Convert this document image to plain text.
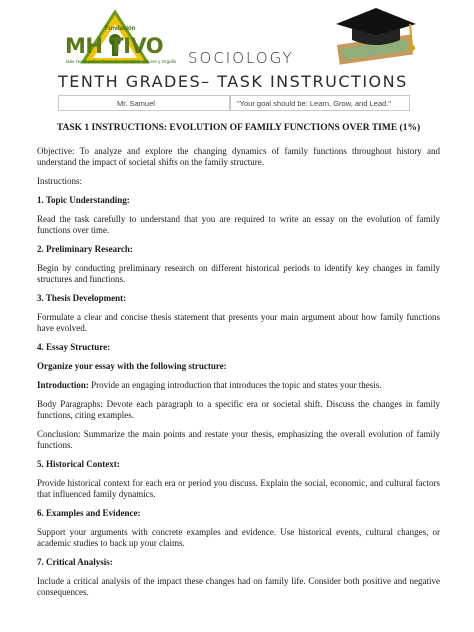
Fundación
MH TIVO
Más Hondureños Teniendo Identidad, Valores y Orgullo SOCIOLOGY
TENTH GRADES– TASK INSTRUCTIONS
Mr. Samuel	"Your goal should be: Learn, Grow, and Lead."

TASK 1 INSTRUCTIONS: EVOLUTION OF FAMILY FUNCTIONS OVER TIME (1%)

Objective: To analyze and explore the changing dynamics of family functions throughout history and understand the impact of societal shifts on the family structure.

Instructions:

1. Topic Understanding:

Read the task carefully to understand that you are required to write an essay on the evolution of family functions over time.

2. Preliminary Research:

Begin by conducting preliminary research on different historical periods to identify key changes in family structures and functions.

3. Thesis Development:

Formulate a clear and concise thesis statement that presents your main argument about how family functions have evolved.

4. Essay Structure:

Organize your essay with the following structure:

Introduction: Provide an engaging introduction that introduces the topic and states your thesis.

Body Paragraphs: Devote each paragraph to a specific era or societal shift. Discuss the changes in family functions, citing examples.

Conclusion: Summarize the main points and restate your thesis, emphasizing the overall evolution of family functions.

5. Historical Context:

Provide historical context for each era or period you discuss. Explain the social, economic, and cultural factors that influenced family dynamics.

6. Examples and Evidence:

Support your arguments with concrete examples and evidence. Use historical events, cultural changes, or academic studies to back up your claims.

7. Critical Analysis:

Include a critical analysis of the impact these changes had on family life. Consider both positive and negative consequences.
